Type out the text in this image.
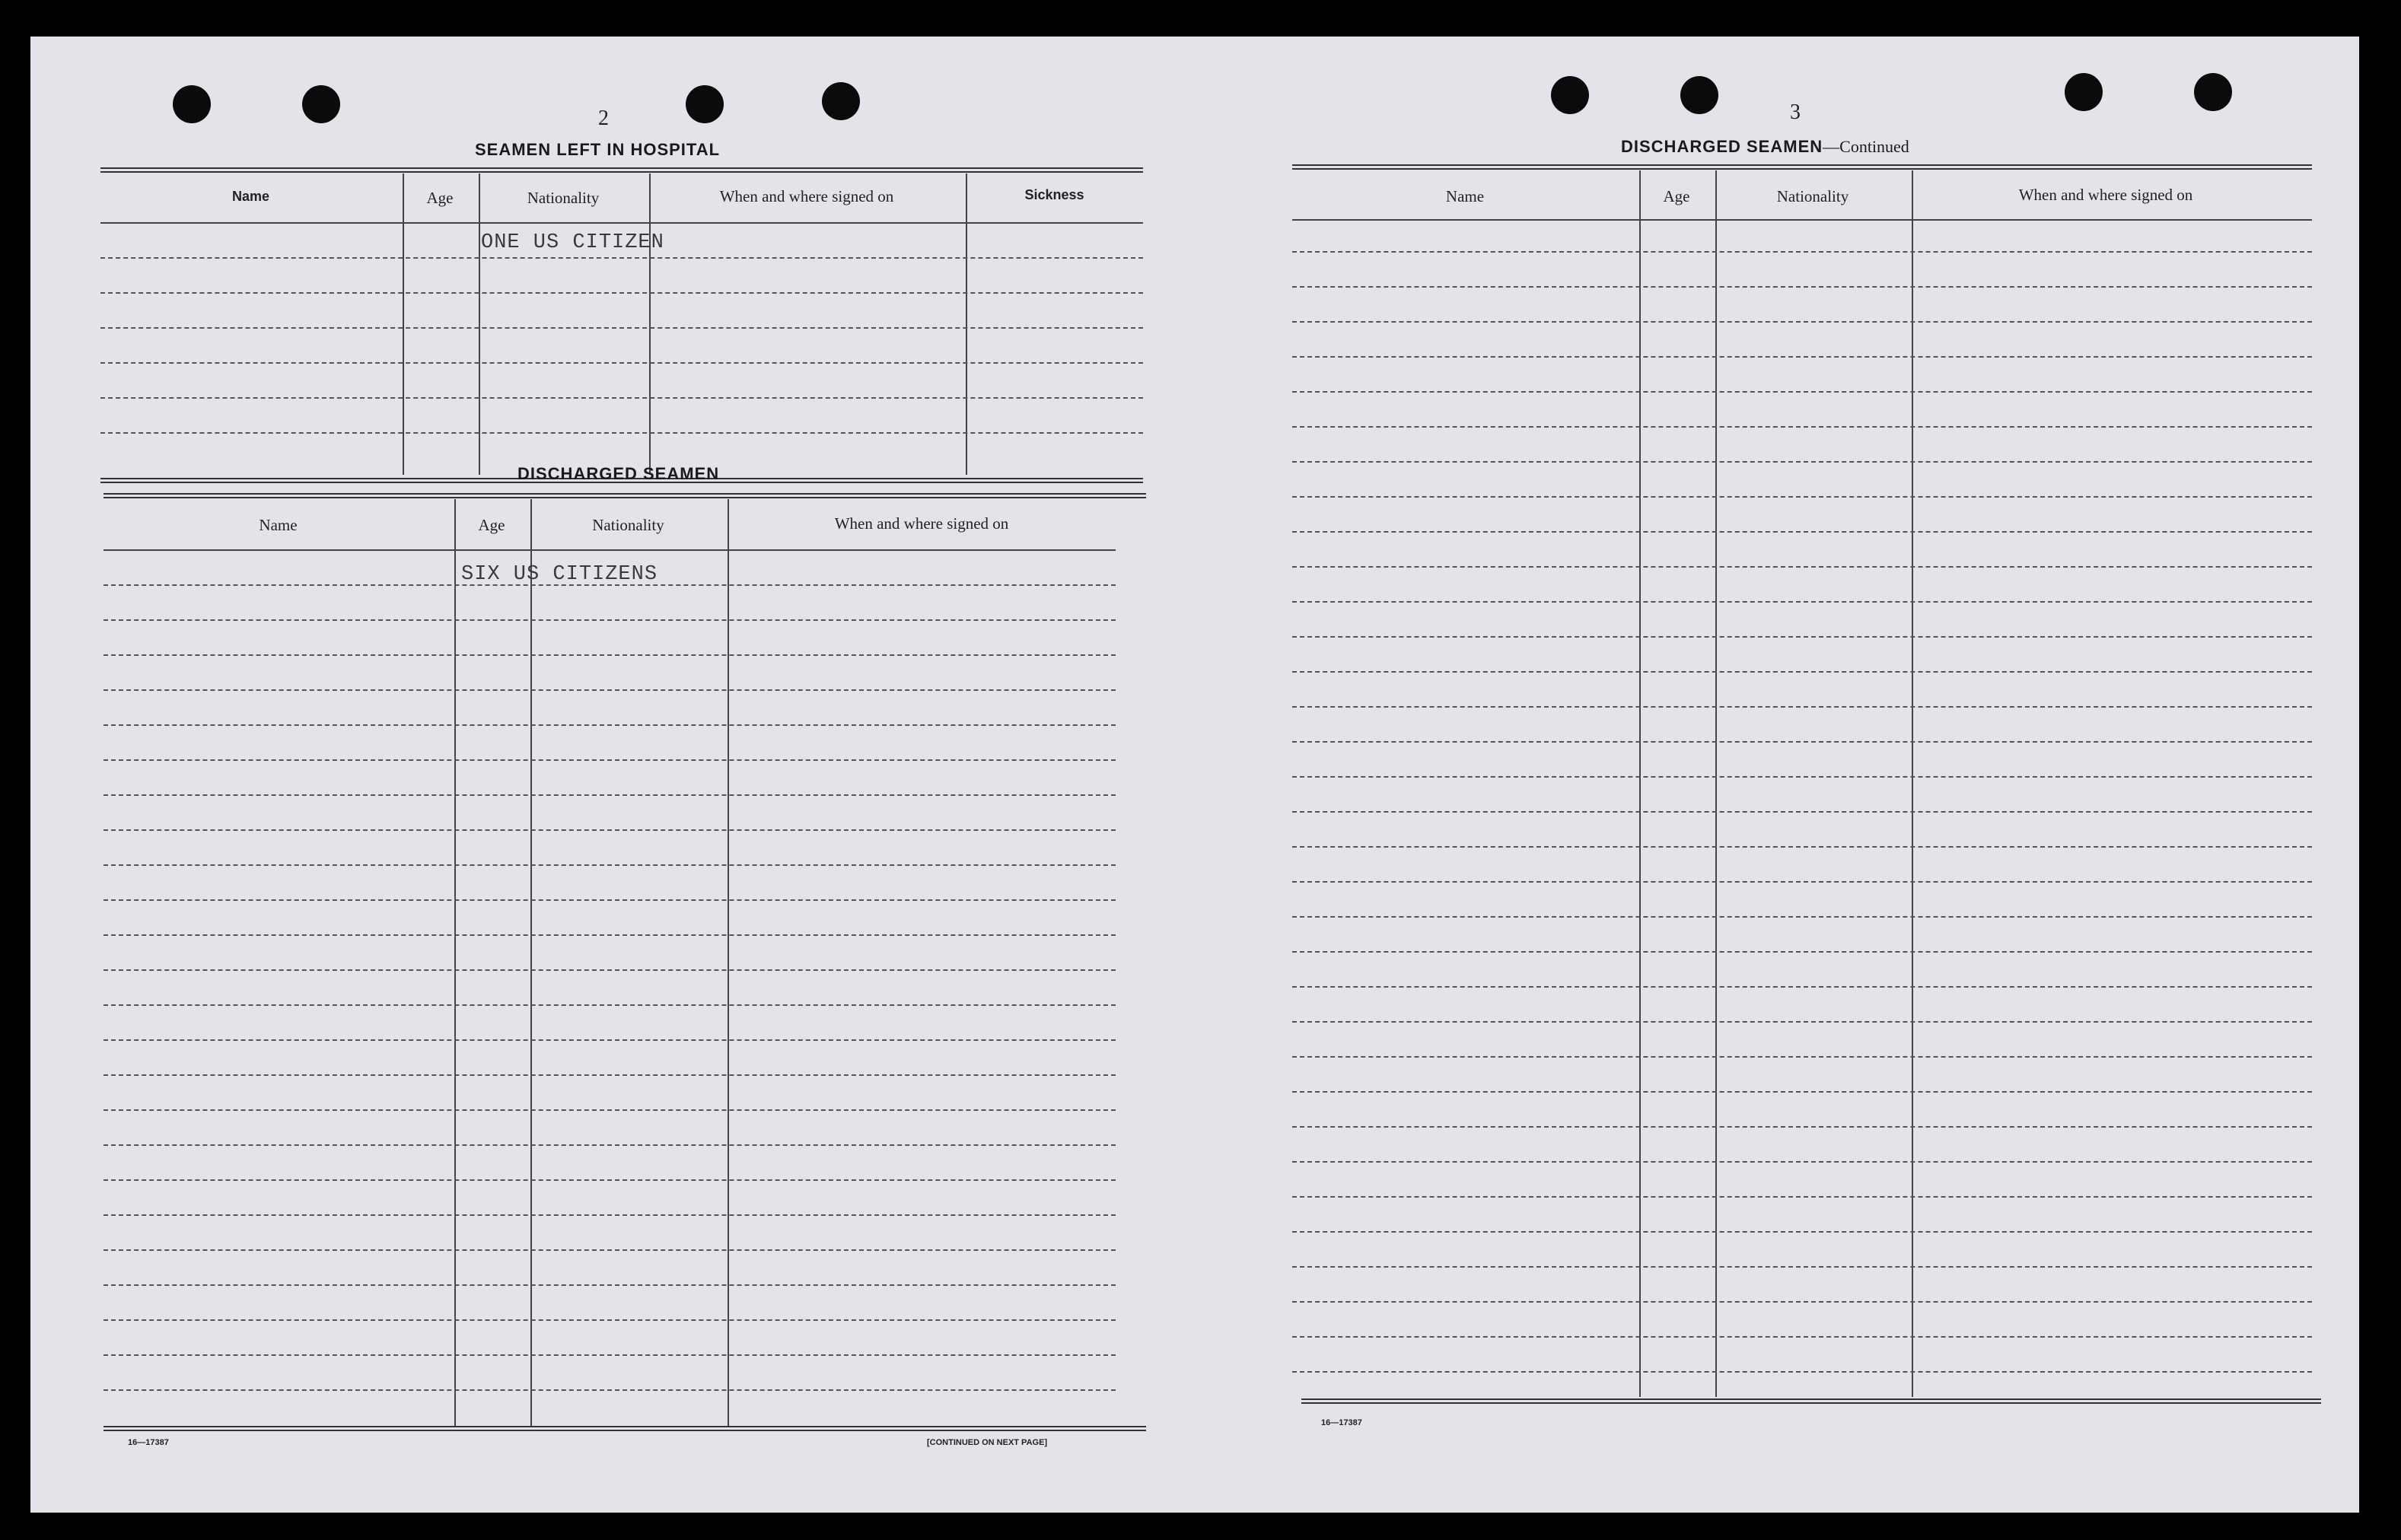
2
SEAMEN LEFT IN HOSPITAL
Name	Age	Nationality	When and where signed on	Sickness
ONE US CITIZEN
DISCHARGED SEAMEN
Name	Age	Nationality	When and where signed on
SIX US CITIZENS
16—17387	[CONTINUED ON NEXT PAGE]
3
DISCHARGED SEAMEN—Continued
Name	Age	Nationality	When and where signed on
16—17387
